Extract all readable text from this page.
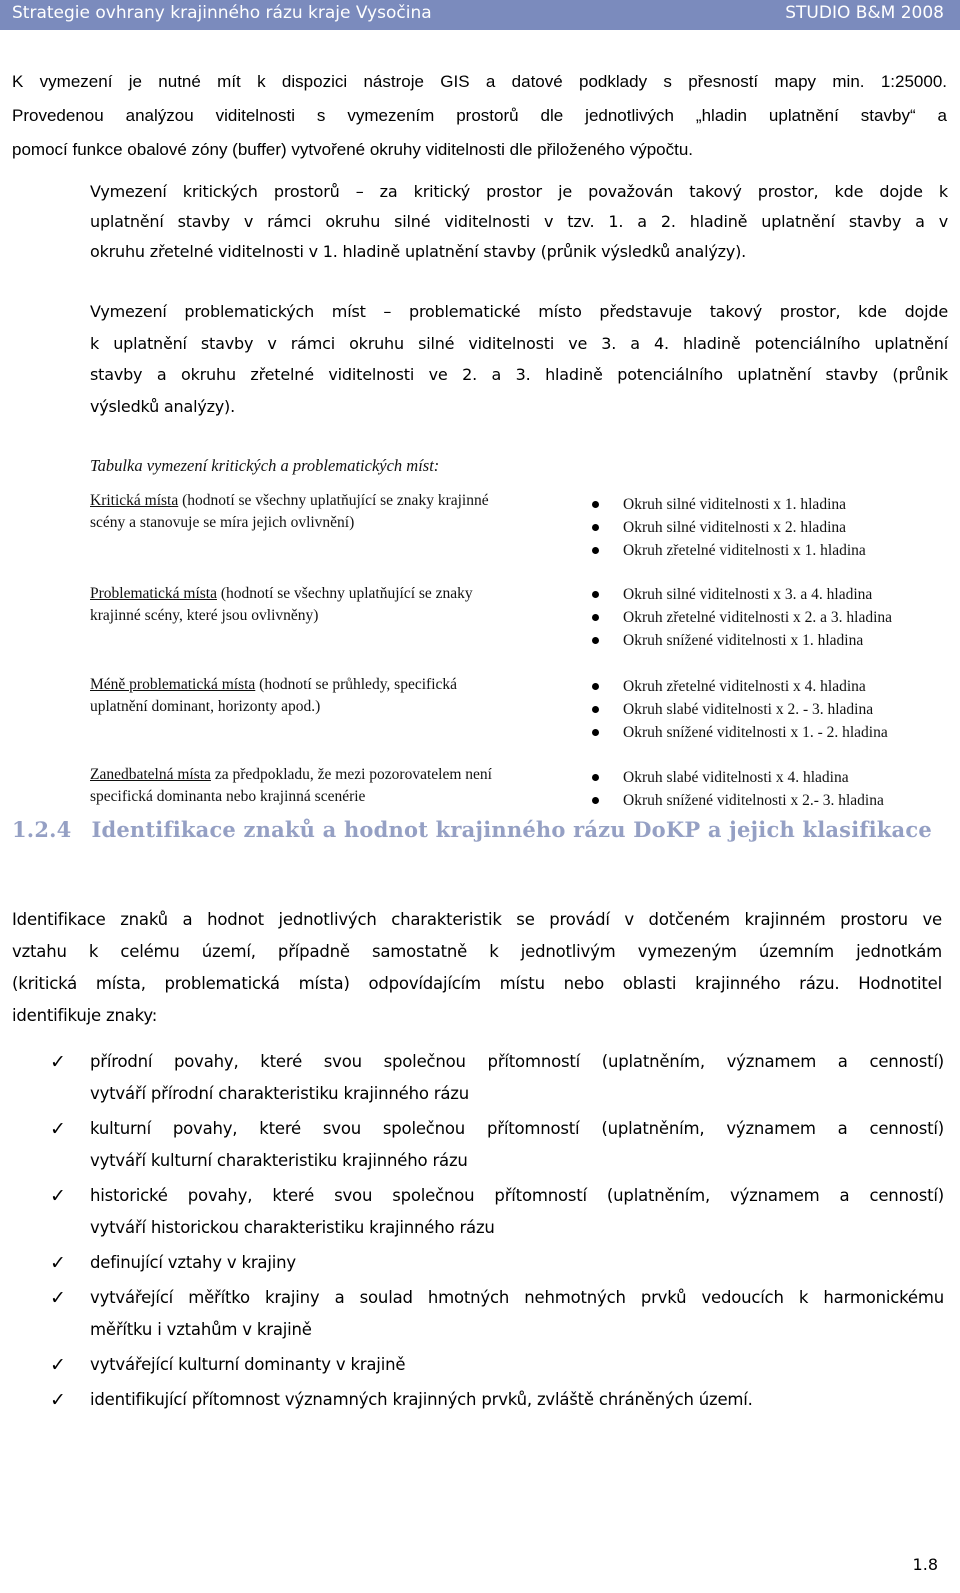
Strategie ovhrany krajinného rázu kraje Vysočina	STUDIO B&M 2008
K vymezení je nutné mít k dispozici nástroje GIS a datové podklady s přesností mapy min. 1:25000.
Provedenou analýzou viditelnosti s vymezením prostorů dle jednotlivých „hladin uplatnění stavby“ a
pomocí funkce obalové zóny (buffer) vytvořené okruhy viditelnosti dle přiloženého výpočtu.
Vymezení kritických prostorů – za kritický prostor je považován takový prostor, kde dojde k
uplatnění stavby v rámci okruhu silné viditelnosti v tzv. 1. a 2. hladině uplatnění stavby a v
okruhu zřetelné viditelnosti v 1. hladině uplatnění stavby (průnik výsledků analýzy).
Vymezení problematických míst – problematické místo představuje takový prostor, kde dojde
k uplatnění stavby v rámci okruhu silné viditelnosti ve 3. a 4. hladině potenciálního uplatnění
stavby a okruhu zřetelné viditelnosti ve 2. a 3. hladině potenciálního uplatnění stavby (průnik
výsledků analýzy).
Tabulka vymezení kritických a problematických míst:
Kritická místa (hodnotí se všechny uplatňující se znaky krajinné
scény a stanovuje se míra jejich ovlivnění)
Okruh silné viditelnosti x 1. hladina
Okruh silné viditelnosti x 2. hladina
Okruh zřetelné viditelnosti x 1. hladina
Problematická místa (hodnotí se všechny uplatňující se znaky
krajinné scény, které jsou ovlivněny)
Okruh silné viditelnosti x 3. a 4. hladina
Okruh zřetelné viditelnosti x 2. a 3. hladina
Okruh snížené viditelnosti x 1. hladina
Méně problematická místa (hodnotí se průhledy, specifická
uplatnění dominant, horizonty apod.)
Okruh zřetelné viditelnosti x 4. hladina
Okruh slabé viditelnosti x 2. - 3. hladina
Okruh snížené viditelnosti x 1. - 2. hladina
Zanedbatelná místa za předpokladu, že mezi pozorovatelem není
specifická dominanta nebo krajinná scenérie
Okruh slabé viditelnosti x 4. hladina
Okruh snížené viditelnosti x 2.- 3. hladina
1.2.4 Identifikace znaků a hodnot krajinného rázu DoKP a jejich klasifikace
Identifikace znaků a hodnot jednotlivých charakteristik se provádí v dotčeném krajinném prostoru ve
vztahu k celému území, případně samostatně k jednotlivým vymezeným územním jednotkám
(kritická místa, problematická místa) odpovídajícím místu nebo oblasti krajinného rázu. Hodnotitel
identifikuje znaky:
✓ přírodní povahy, které svou společnou přítomností (uplatněním, významem a cenností)
vytváří přírodní charakteristiku krajinného rázu
✓ kulturní povahy, které svou společnou přítomností (uplatněním, významem a cenností)
vytváří kulturní charakteristiku krajinného rázu
✓ historické povahy, které svou společnou přítomností (uplatněním, významem a cenností)
vytváří historickou charakteristiku krajinného rázu
✓ definující vztahy v krajiny
✓ vytvářející měřítko krajiny a soulad hmotných nehmotných prvků vedoucích k harmonickému
měřítku i vztahům v krajině
✓ vytvářející kulturní dominanty v krajině
✓ identifikující přítomnost významných krajinných prvků, zvláště chráněných území.
1.8
